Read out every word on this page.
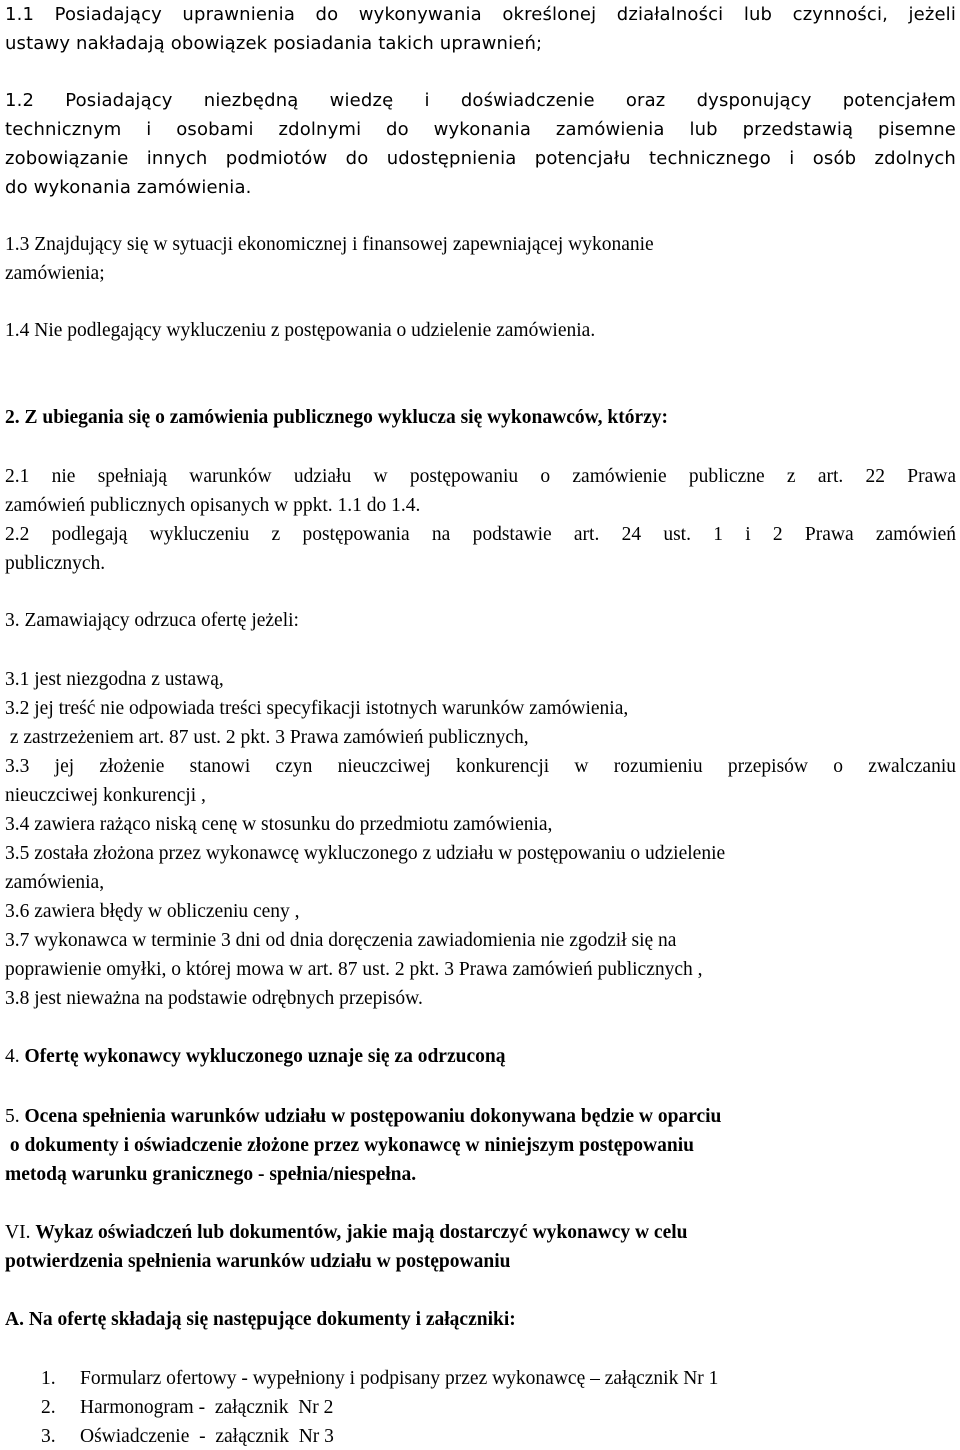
1.1 Posiadający uprawnienia do wykonywania określonej działalności lub czynności, jeżeli
ustawy nakładają obowiązek posiadania takich uprawnień;
1.2 Posiadający niezbędną wiedzę i doświadczenie oraz dysponujący potencjałem
technicznym i osobami zdolnymi do wykonania zamówienia lub przedstawią pisemne
zobowiązanie innych podmiotów do udostępnienia potencjału technicznego i osób zdolnych
do wykonania zamówienia.
1.3 Znajdujący się w sytuacji ekonomicznej i finansowej zapewniającej wykonanie
zamówienia;
1.4 Nie podlegający wykluczeniu z postępowania o udzielenie zamówienia.
2. Z ubiegania się o zamówienia publicznego wyklucza się wykonawców, którzy:
2.1 nie spełniają warunków udziału w postępowaniu o zamówienie publiczne z art. 22 Prawa
zamówień publicznych opisanych w ppkt. 1.1 do 1.4.
2.2 podlegają wykluczeniu z postępowania na podstawie art. 24 ust. 1 i 2 Prawa zamówień
publicznych.
3. Zamawiający odrzuca ofertę jeżeli:
3.1 jest niezgodna z ustawą,
3.2 jej treść nie odpowiada treści specyfikacji istotnych warunków zamówienia,
z zastrzeżeniem art. 87 ust. 2 pkt. 3 Prawa zamówień publicznych,
3.3 jej złożenie stanowi czyn nieuczciwej konkurencji w rozumieniu przepisów o zwalczaniu
nieuczciwej konkurencji ,
3.4 zawiera rażąco niską cenę w stosunku do przedmiotu zamówienia,
3.5 została złożona przez wykonawcę wykluczonego z udziału w postępowaniu o udzielenie
zamówienia,
3.6 zawiera błędy w obliczeniu ceny ,
3.7 wykonawca w terminie 3 dni od dnia doręczenia zawiadomienia nie zgodził się na
poprawienie omyłki, o której mowa w art. 87 ust. 2 pkt. 3 Prawa zamówień publicznych ,
3.8 jest nieważna na podstawie odrębnych przepisów.
4. Ofertę wykonawcy wykluczonego uznaje się za odrzuconą
5. Ocena spełnienia warunków udziału w postępowaniu dokonywana będzie w oparciu
o dokumenty i oświadczenie złożone przez wykonawcę w niniejszym postępowaniu
metodą warunku granicznego - spełnia/niespełna.
VI. Wykaz oświadczeń lub dokumentów, jakie mają dostarczyć wykonawcy w celu
potwierdzenia spełnienia warunków udziału w postępowaniu
A. Na ofertę składają się następujące dokumenty i załączniki:
1. Formularz ofertowy - wypełniony i podpisany przez wykonawcę – załącznik Nr 1
2. Harmonogram -  załącznik  Nr 2
3. Oświadczenie  -  załącznik  Nr 3
